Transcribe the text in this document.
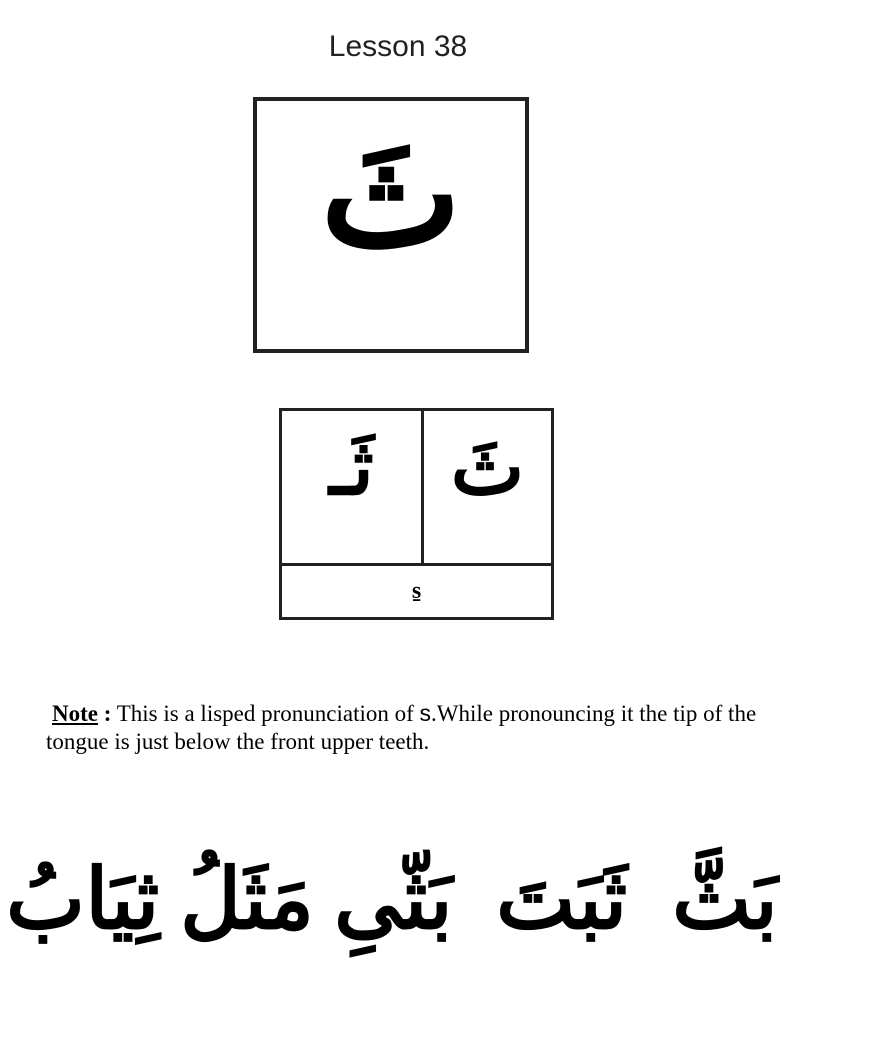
Lesson 38
ثَ
ثَـ ثَ
s̱
Note : This is a lisped pronunciation of s.While pronouncing it the tip of the
tongue is just below the front upper teeth.
بَثَّ
ثَبَتَ
بَثّىِ
مَثَلُ
ثِيَابُ
